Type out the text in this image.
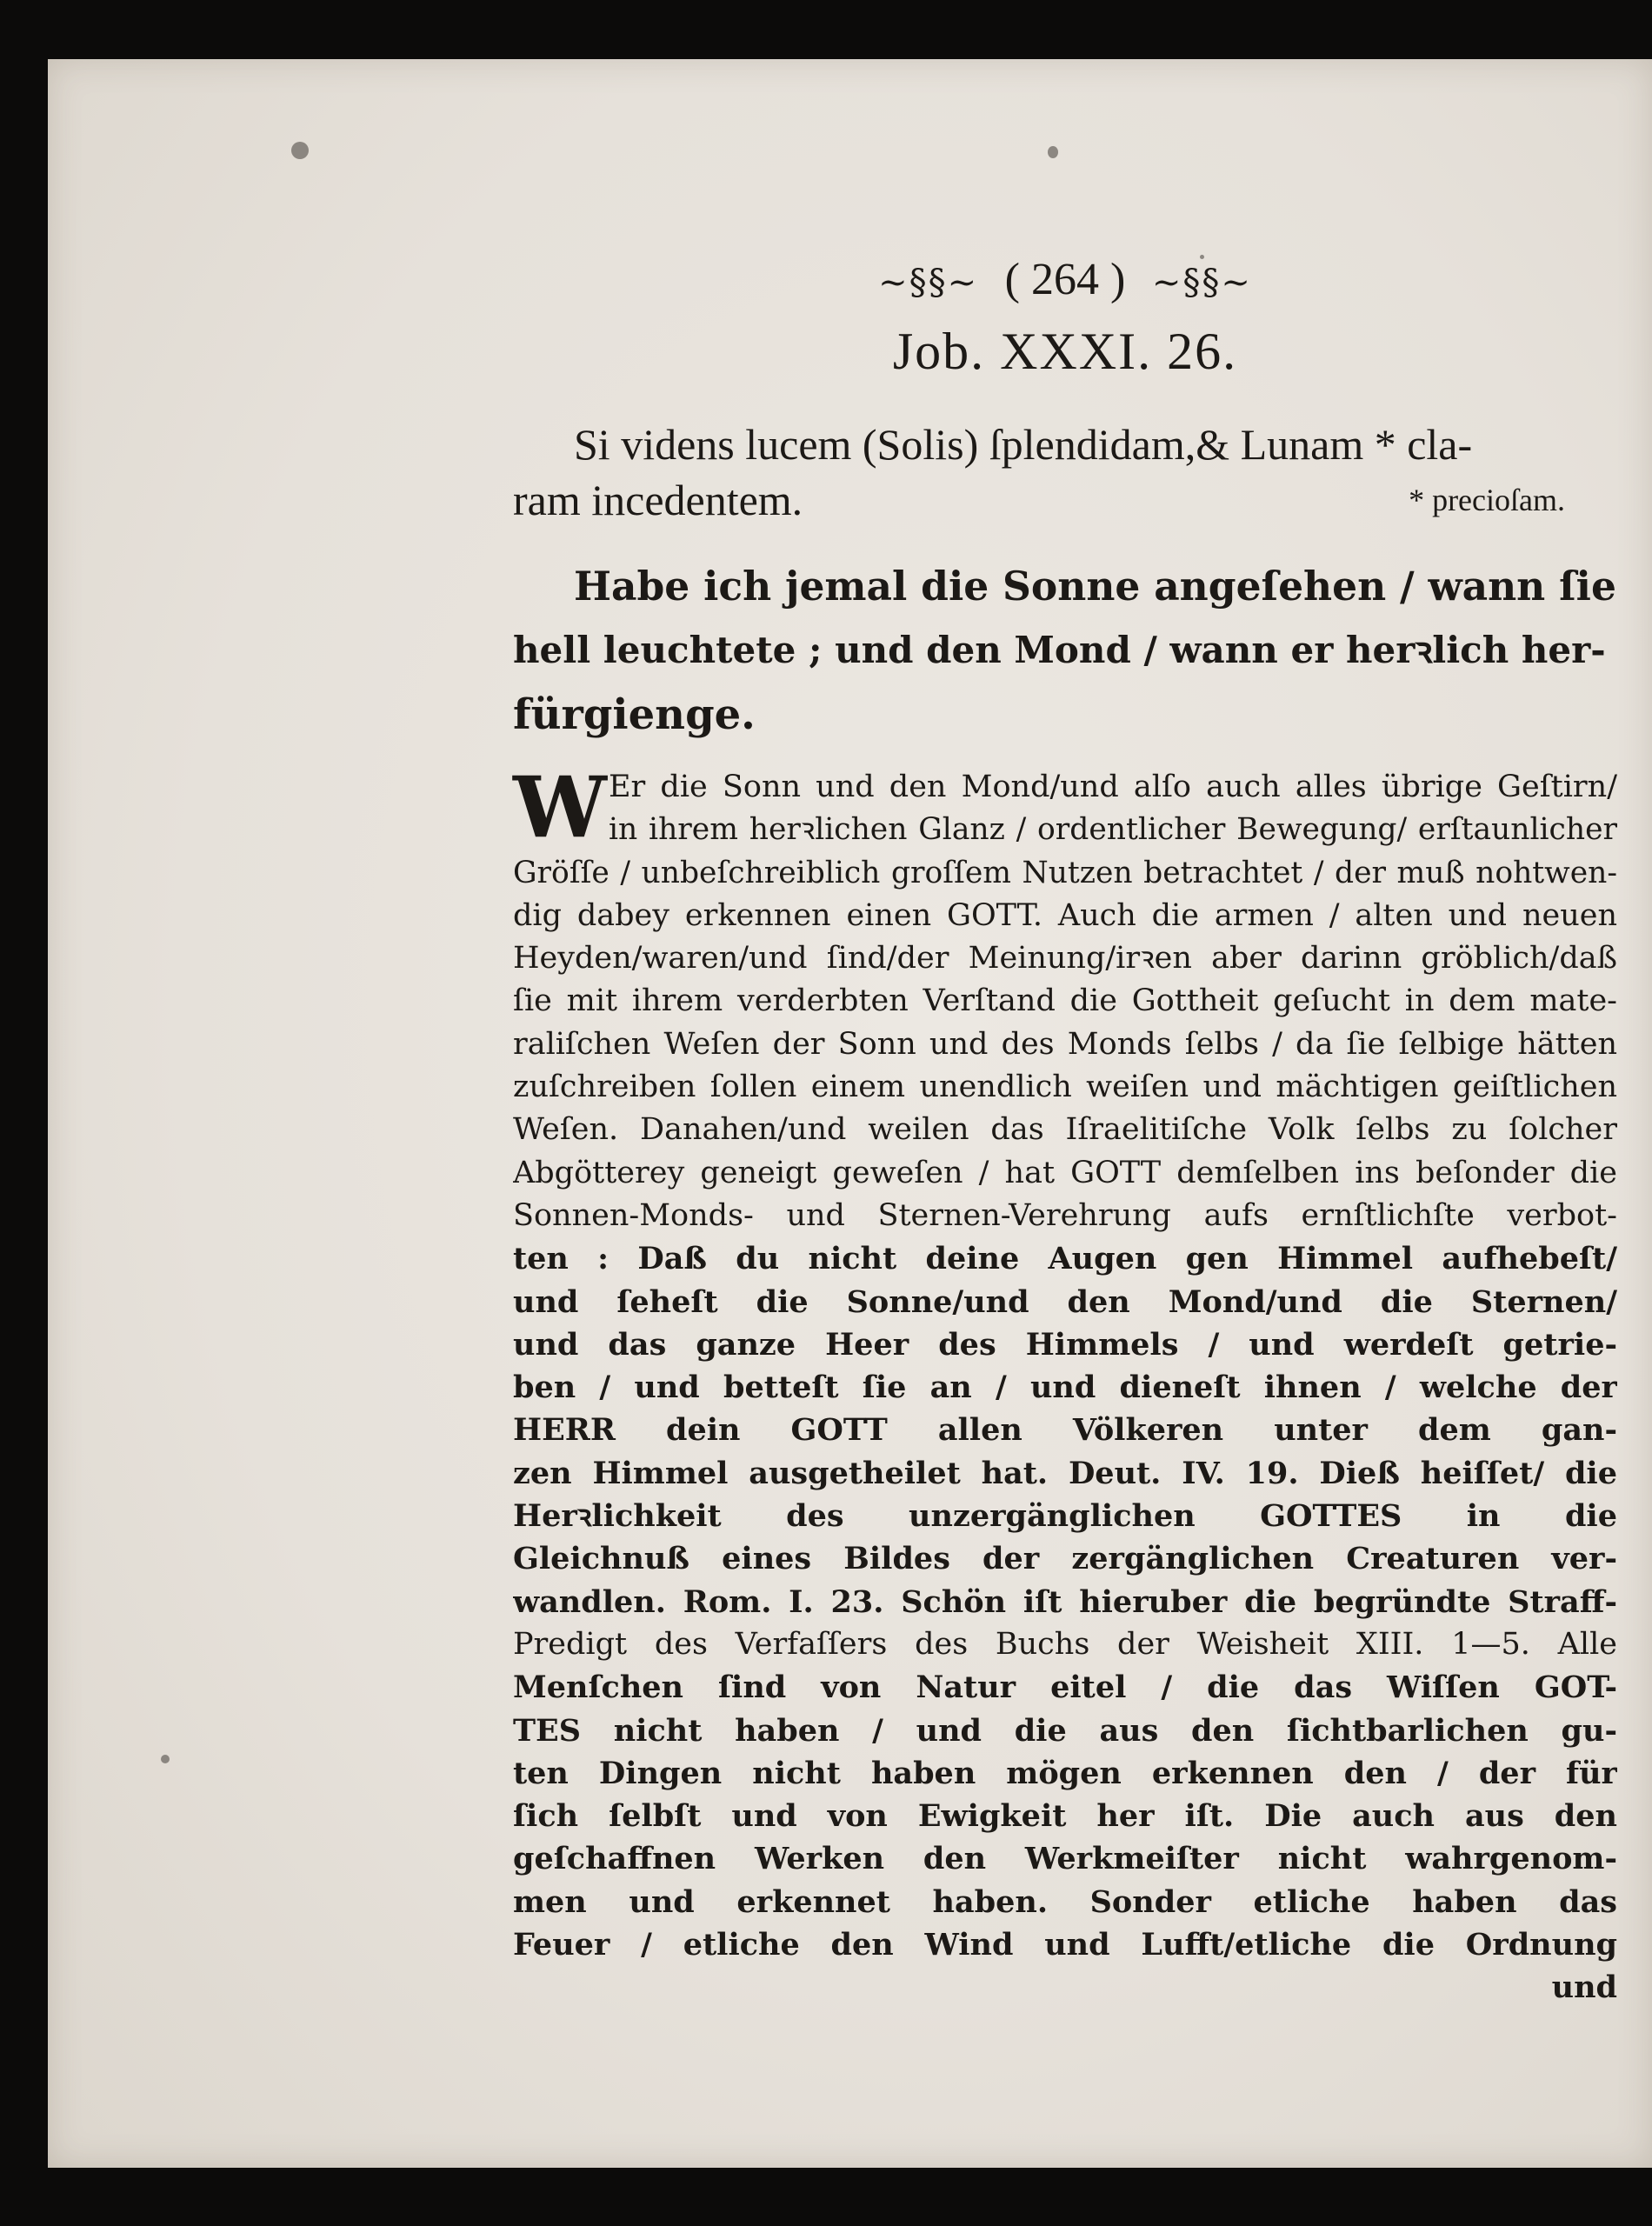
~§§~ ( 264 ) ~§§~
Job. XXXI. 26.
Si videns lucem (Solis) ſplendidam,& Lunam * cla-
ram incedentem.	* precioſam.
Habe ich jemal die Sonne angeſehen / wann ſie
hell leuchtete ; und den Mond / wann er herꝛlich her-
fürgienge.
W Er die Sonn und den Mond/und alſo auch alles übrige Geſtirn/
in ihrem herꝛlichen Glanz / ordentlicher Bewegung/ erſtaunlicher
Gröſſe / unbeſchreiblich groſſem Nutzen betrachtet / der muß nohtwen-
dig dabey erkennen einen GOTT. Auch die armen / alten und neuen
Heyden/waren/und ſind/der Meinung/irꝛen aber darinn gröblich/daß
ſie mit ihrem verderbten Verſtand die Gottheit geſucht in dem mate-
raliſchen Weſen der Sonn und des Monds ſelbs / da ſie ſelbige hätten
zuſchreiben ſollen einem unendlich weiſen und mächtigen geiſtlichen
Weſen. Danahen/und weilen das Iſraelitiſche Volk ſelbs zu ſolcher
Abgötterey geneigt geweſen / hat GOTT demſelben ins beſonder die
Sonnen-Monds- und Sternen-Verehrung aufs ernſtlichſte verbot-
ten : Daß du nicht deine Augen gen Himmel aufhebeſt/
und ſeheſt die Sonne/und den Mond/und die Sternen/
und das ganze Heer des Himmels / und werdeſt getrie-
ben / und betteſt ſie an / und dieneſt ihnen / welche der
HERR dein GOTT allen Völkeren unter dem gan-
zen Himmel ausgetheilet hat. Deut. IV. 19. Dieß heiſſet/ die
Herꝛlichkeit des unzergänglichen GOTTES in die
Gleichnuß eines Bildes der zergänglichen Creaturen ver-
wandlen. Rom. I. 23. Schön iſt hieruber die begründte Straff-
Predigt des Verfaſſers des Buchs der Weisheit XIII. 1—5. Alle
Menſchen ſind von Natur eitel / die das Wiſſen GOT-
TES nicht haben / und die aus den ſichtbarlichen gu-
ten Dingen nicht haben mögen erkennen den / der für
ſich ſelbſt und von Ewigkeit her iſt. Die auch aus den
geſchaffnen Werken den Werkmeiſter nicht wahrgenom-
men und erkennet haben. Sonder etliche haben das
Feuer / etliche den Wind und Lufft/etliche die Ordnung
und
